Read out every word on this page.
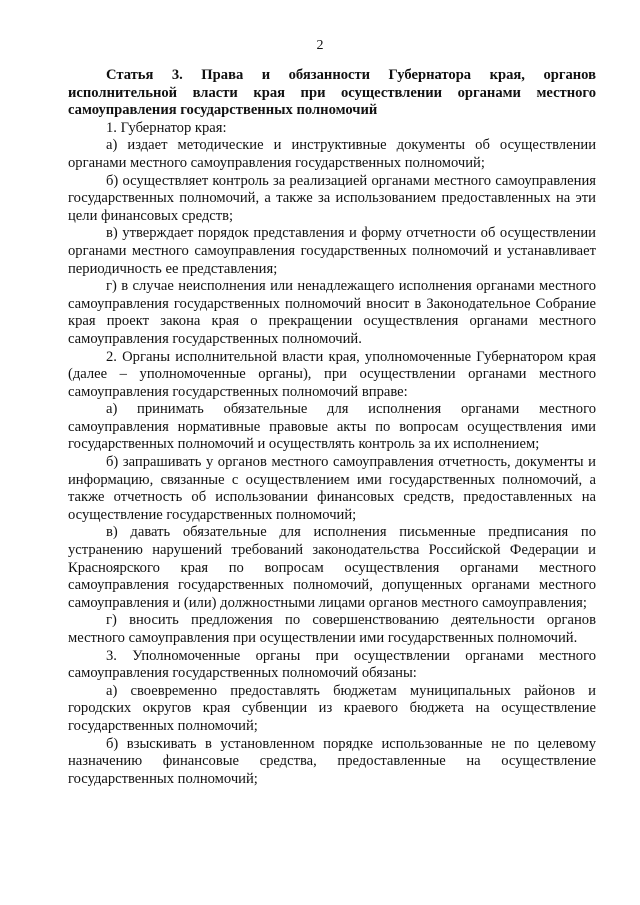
2

Статья 3. Права и обязанности Губернатора края, органов исполнительной власти края при осуществлении органами местного самоуправления государственных полномочий

1. Губернатор края:

а) издает методические и инструктивные документы об осуществлении органами местного самоуправления государственных полномочий;

б) осуществляет контроль за реализацией органами местного самоуправления государственных полномочий, а также за использованием предоставленных на эти цели финансовых средств;

в) утверждает порядок представления и форму отчетности об осуществлении органами местного самоуправления государственных полномочий и устанавливает периодичность ее представления;

г) в случае неисполнения или ненадлежащего исполнения органами местного самоуправления государственных полномочий вносит в Законодательное Собрание края проект закона края о прекращении осуществления органами местного самоуправления государственных полномочий.

2. Органы исполнительной власти края, уполномоченные Губернатором края (далее – уполномоченные органы), при осуществлении органами местного самоуправления государственных полномочий вправе:

а) принимать обязательные для исполнения органами местного самоуправления нормативные правовые акты по вопросам осуществления ими государственных полномочий и осуществлять контроль за их исполнением;

б) запрашивать у органов местного самоуправления отчетность, документы и информацию, связанные с осуществлением ими государственных полномочий, а также отчетность об использовании финансовых средств, предоставленных на осуществление государственных полномочий;

в) давать обязательные для исполнения письменные предписания по устранению нарушений требований законодательства Российской Федерации и Красноярского края по вопросам осуществления органами местного самоуправления государственных полномочий, допущенных органами местного самоуправления и (или) должностными лицами органов местного самоуправления;

г) вносить предложения по совершенствованию деятельности органов местного самоуправления при осуществлении ими государственных полномочий.

3. Уполномоченные органы при осуществлении органами местного самоуправления государственных полномочий обязаны:

а) своевременно предоставлять бюджетам муниципальных районов и городских округов края субвенции из краевого бюджета на осуществление государственных полномочий;

б) взыскивать в установленном порядке использованные не по целевому назначению финансовые средства, предоставленные на осуществление государственных полномочий;
